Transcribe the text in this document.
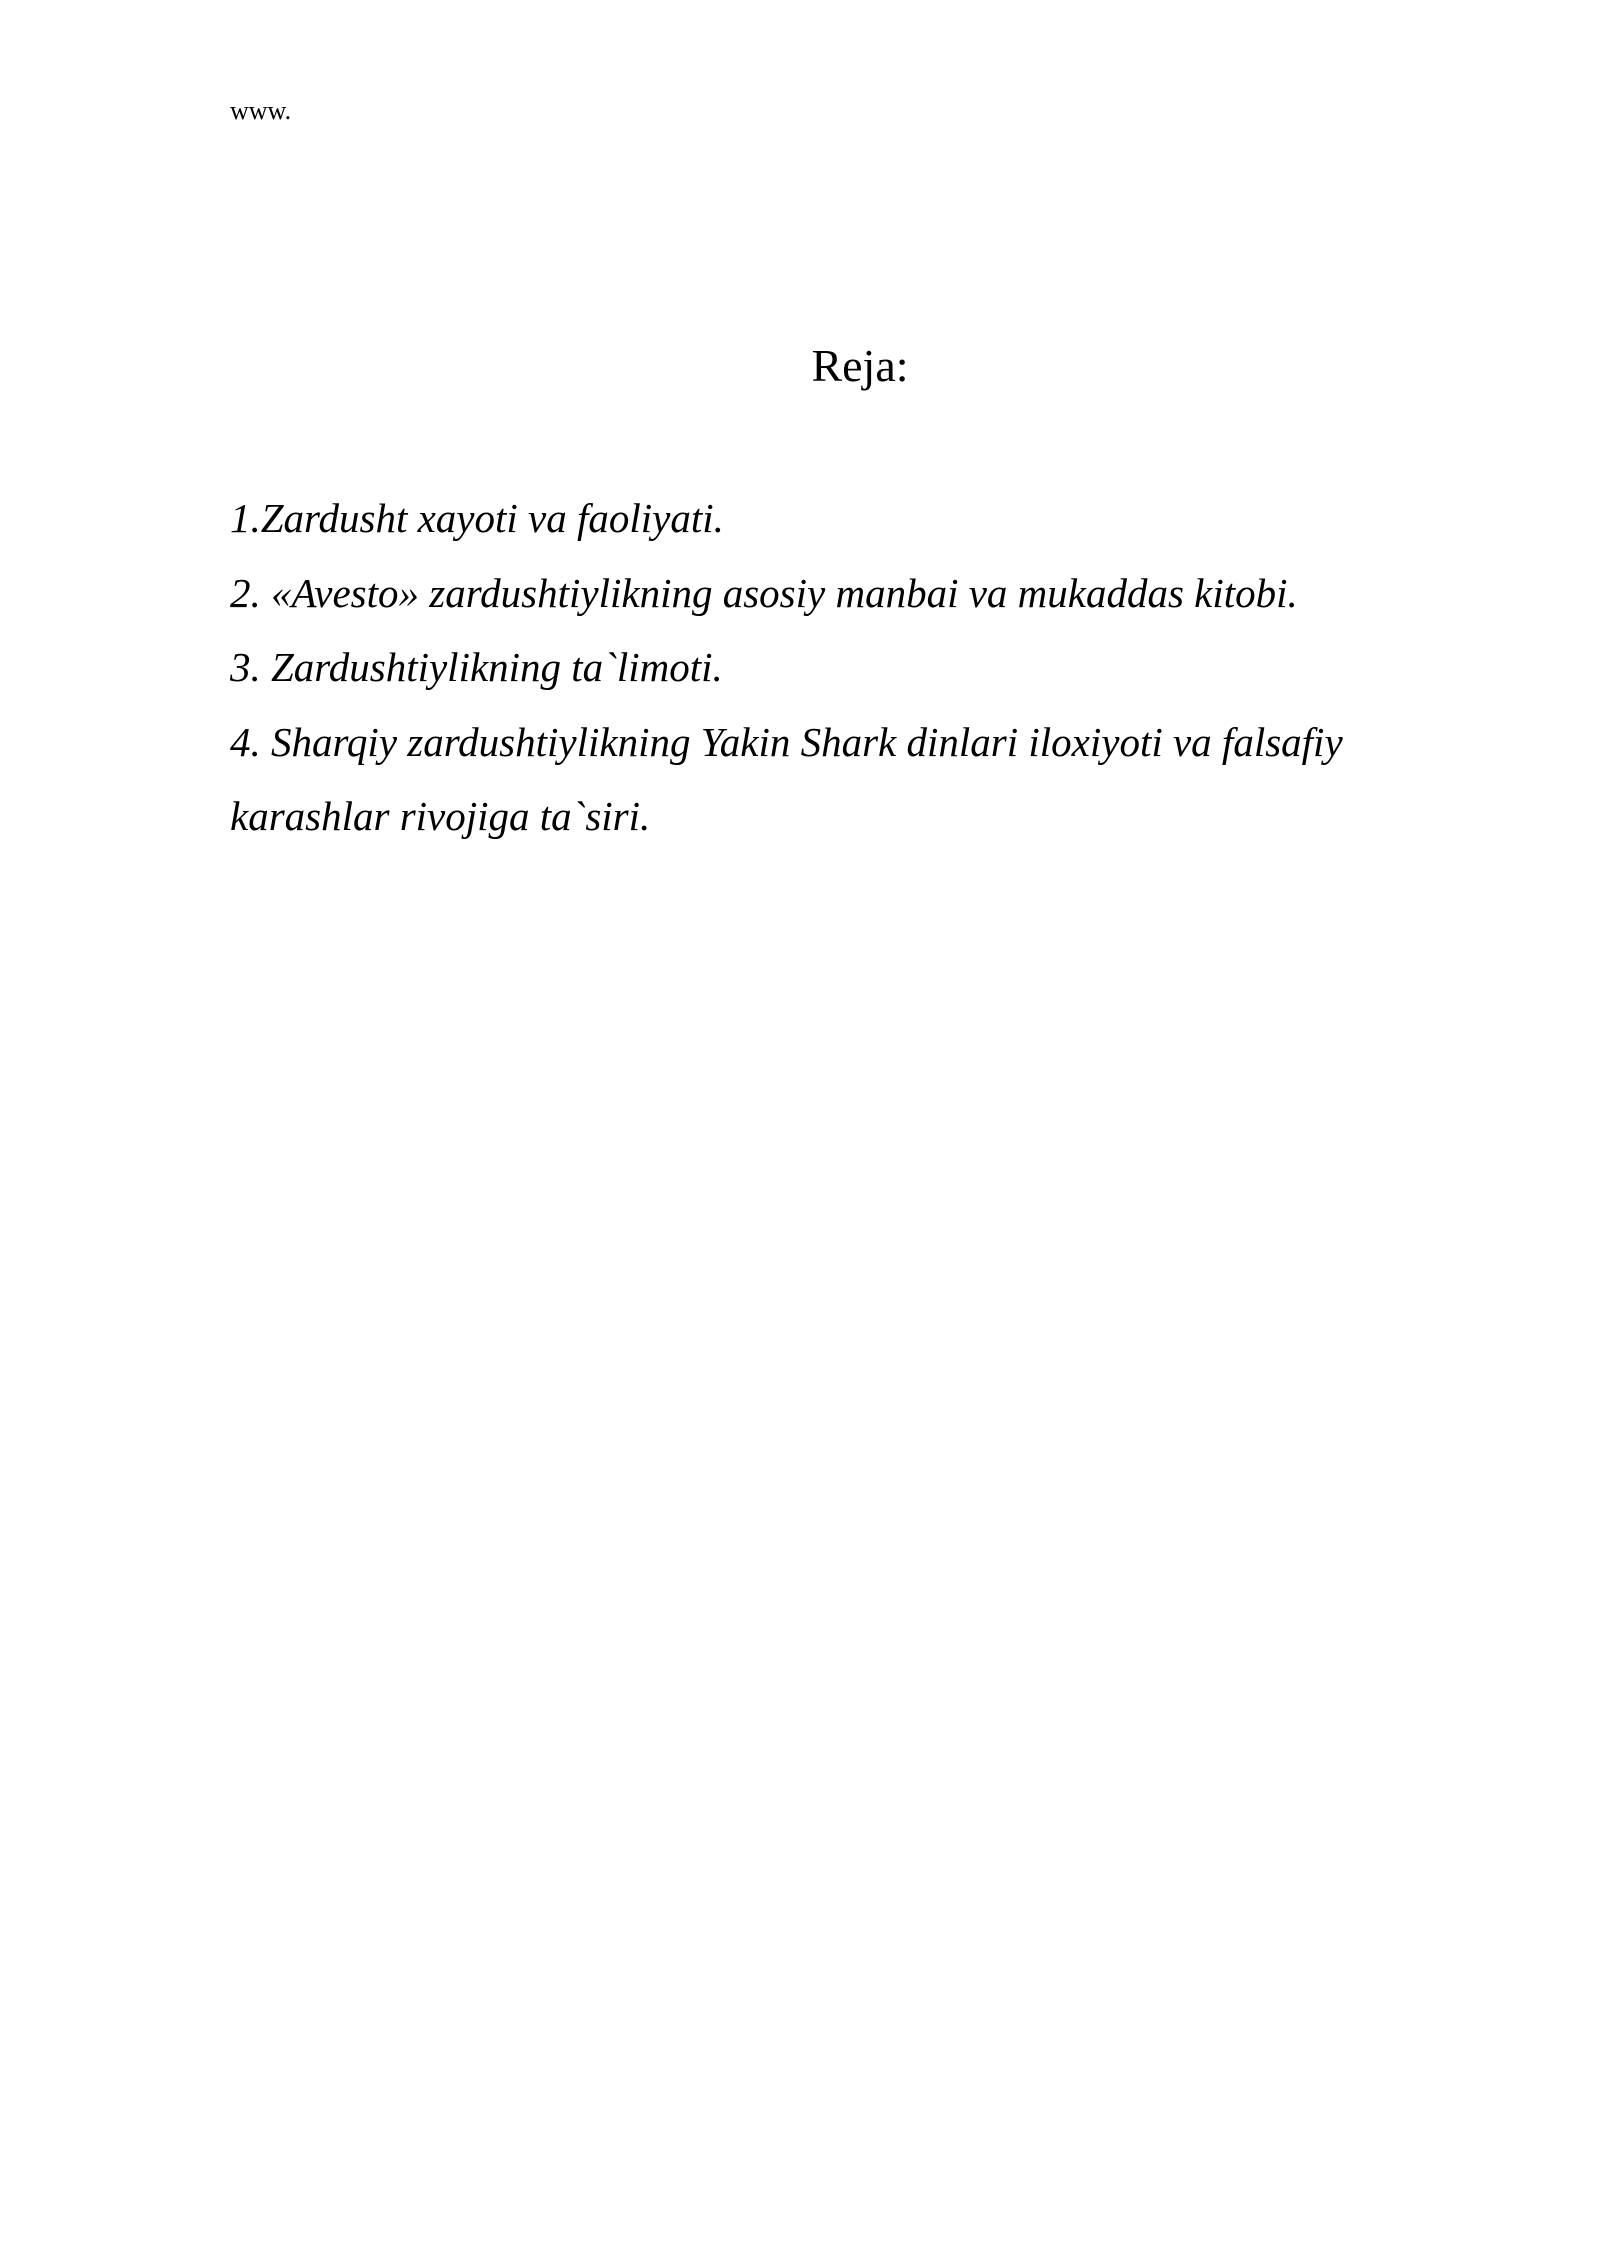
www.
Reja:
1.Zardusht xayoti va faoliyati.
2. «Avesto» zardushtiylikning asosiy manbai va mukaddas kitobi.
3. Zardushtiylikning ta`limoti.
4. Sharqiy zardushtiylikning Yakin Shark dinlari iloxiyoti va falsafiy karashlar rivojiga ta`siri.
